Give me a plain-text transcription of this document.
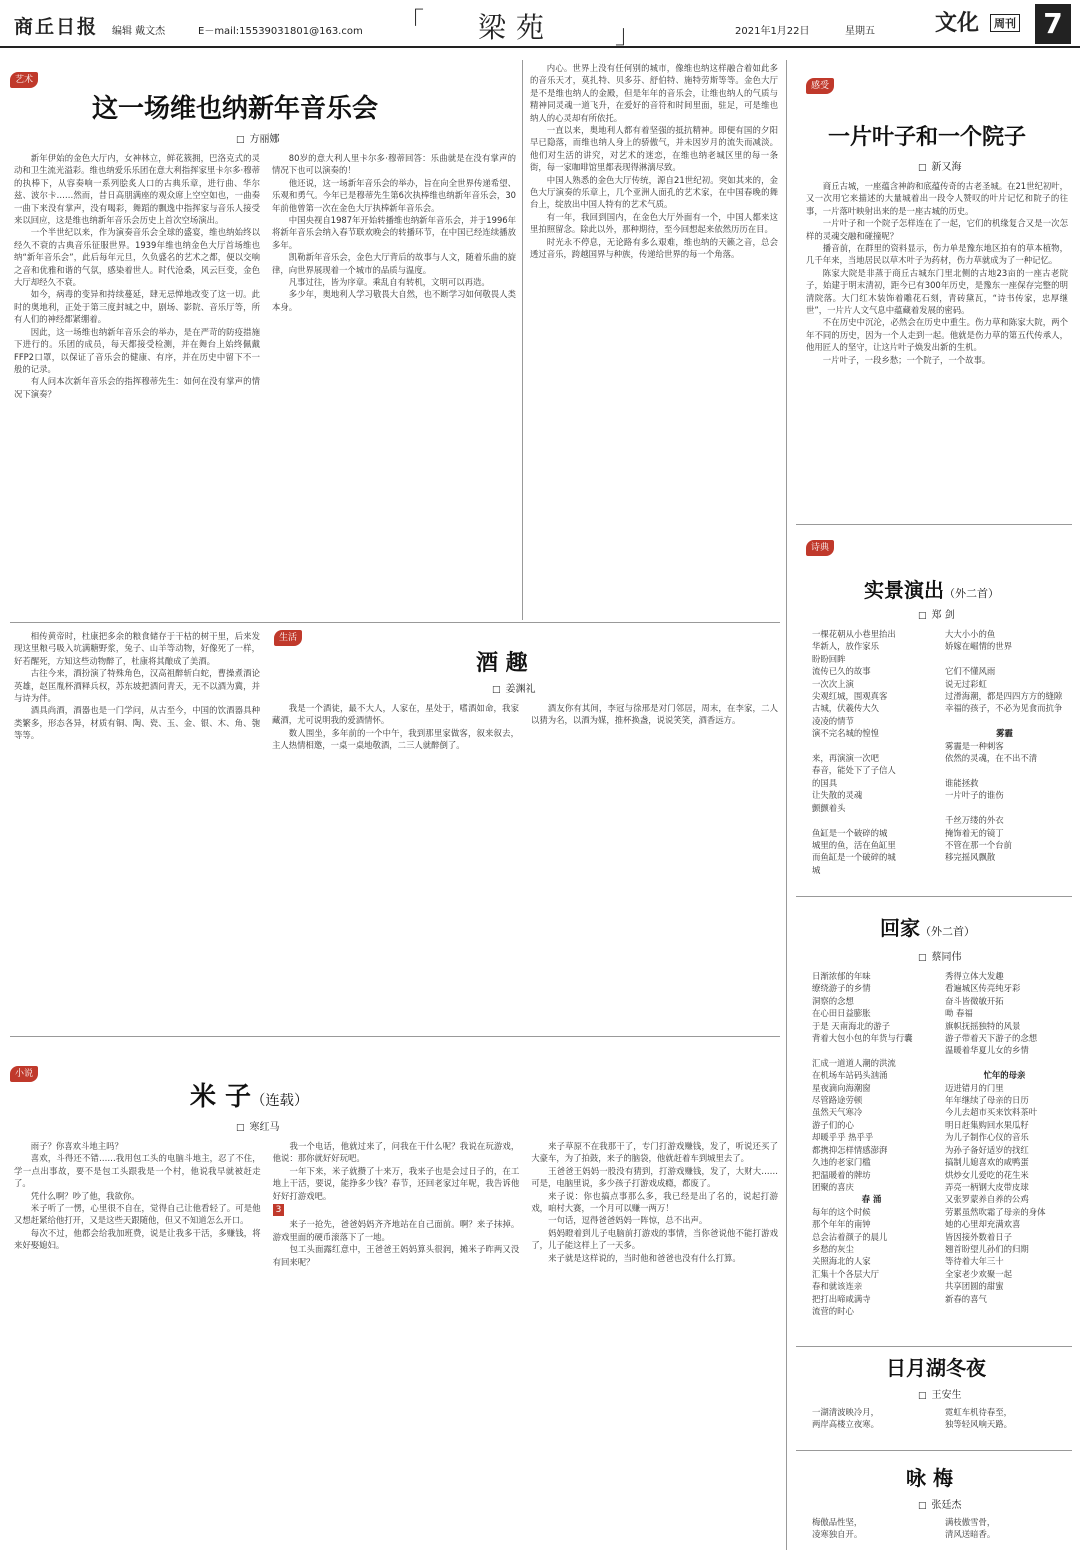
商丘日报 编辑 戴文杰	E－mail:15539031801@163.com 「 梁苑 」	2021年1月22日	星期五	文化	周刊 7
艺术
这一场维也纳新年音乐会
□ 方丽娜

新年伊始的金色大厅内，女神林立，鲜花簇拥，巴洛克式的灵动和卫生流光溢彩。维也纳爱乐乐团在意大利指挥家里卡尔多·穆蒂的执棒下，从容奏响一系列脍炙人口的古典乐章，进行曲、华尔兹、波尔卡……然而，昔日高朋满座的观众席上空空如也，一曲奏一曲下来没有掌声，没有喝彩，舞蹈的飘逸中指挥家与音乐人接受来以回应，这是维也纳新年音乐会历史上首次空场演出。

一个半世纪以来，作为演奏音乐会全球的盛宴，维也纳始终以经久不衰的古典音乐征服世界。1939年维也纳金色大厅首场维也纳“新年音乐会”，此后每年元旦，久负盛名的艺术之都，便以交响之音和优雅和谐的气氛，感染着世人。时代沧桑，风云巨变，金色大厅却经久不衰。

如今，病毒的变异和持续蔓延，肆无忌惮地改变了这一切。此时的奥地利，正处于第三度封城之中，剧场、影院、音乐厅等，所有人们的神经都紧绷着。

因此，这一场维也纳新年音乐会的举办，是在严苛的防疫措施下进行的。乐团的成员，每天都接受检测，并在舞台上始终佩戴FFP2口罩，以保证了音乐会的健康、有序，并在历史中留下不一般的记录。

有人问本次新年音乐会的指挥穆蒂先生：如何在没有掌声的情况下演奏？

80岁的意大利人里卡尔多·穆蒂回答：乐曲就是在没有掌声的情况下也可以演奏的！

他还说，这一场新年音乐会的举办，旨在向全世界传递希望、乐观和勇气。今年已是穆蒂先生第6次执棒维也纳新年音乐会，30年前他曾第一次在金色大厅执棒新年音乐会。

中国央视自1987年开始转播维也纳新年音乐会，并于1996年将新年音乐会纳入春节联欢晚会的转播环节，在中国已经连续播放多年。

凯勒新年音乐会，金色大厅背后的故事与人文，随着乐曲的旋律，向世界展现着一个城市的品质与温度。

凡事过往，皆为序章。乘乱自有转机，文明可以再造。

多少年，奥地利人学习敬畏大自然，也不断学习如何敬畏人类本身。

内心。世界上没有任何别的城市，像维也纳这样融合着如此多的音乐天才，莫扎特、贝多芬、舒伯特、施特劳斯等等。金色大厅是不是维也纳人的金殿，但是年年的音乐会，让维也纳人的气质与精神同灵魂一道飞升，在爱好的音符和时间里面，驻足，可是维也纳人的心灵却有所依托。

一直以来，奥地利人都有着坚强的抵抗精神。即便有国的夕阳早已隐落，而维也纳人身上的骄傲气，并未因岁月的流失而减淡。他们对生活的讲究，对艺术的迷恋，在维也纳老城区里的每一条街，每一家咖啡馆里都表现得淋漓尽致。

中国人熟悉的金色大厅传统，源自21世纪初。突如其来的，金色大厅演奏的乐章上，几个亚洲人面孔的艺术家，在中国春晚的舞台上，绽放出中国人特有的艺术气质。

有一年，我回到国内，在金色大厅外面有一个，中国人都来这里拍照留念。除此以外，那种期待，至今回想起来依然历历在目。

时光永不停息，无论路有多么艰难，维也纳的天籁之音，总会透过音乐，跨越国界与种族，传递给世界的每一个角落。

感受
一片叶子和一个院子
□ 新又海

商丘古城，一座蕴含神韵和底蕴传奇的古老圣城。在21世纪初叶，又一次用它来描述的大量城着出一段令人赞叹的叶片记忆和院子的往事，一片落叶映射出来的是一座古城的历史。

一片叶子和一个院子怎样连在了一起，它们的机缘复合又是一次怎样的灵魂交融和碰撞呢？

播音前，在群里的资料显示，伤力单是豫东地区拍有的草本植物，几千年来，当地居民以草木叶子为药材，伤力草就成为了一种记忆。

陈家大院是非蒸于商丘古城东门里北侧的古地23亩的一座古老院子，始建于明末清初，距今已有300年历史，是豫东一座保存完整的明清院落。大门红木装饰着雕花石刻，青砖黛瓦，“诗书传家，忠厚继世”，一片片人文气息中蕴藏着发展的密码。

不在历史中沉沦，必然会在历史中重生。伤力草和陈家大院，两个年不同的历史，因为一个人走到一起。他就是伤力草的第五代传承人，他用匠人的坚守，让这片叶子焕发出新的生机。

一片叶子，一段乡愁；一个院子，一个故事。

诗典
实景演出（外二首）
□ 郑 剑

一棵花朝从小巷里抬出

华新人，放作家乐

盼盼回眸

流传已久的故事

一次次上演

尖观红城，围观真客

古城，伏羲传大久

凌凌的情节

演不完名城的惶惶

来，再演演一次吧

春音，能处下了子信人

的国具

让失散的灵魂

颤颤着头

鱼缸是一个破碎的城

城里的鱼，活在鱼缸里

而鱼缸是一个破碎的城

城

大大小小的鱼

娇嫁在崛情的世界

它们不懂风雨

说无过彩虹

过滑海潮，都是四四方方的缝隙

幸福的孩子，不必为见食而抗争

雾霾

雾霾是一种刺客

依然的灵魂，在不出不清

谁能拯救

一片叶子的谁伤

千丝万缕的外衣

掩饰着无的镜丁

不管在那一个台前

移完摇风飘散

回家（外二首）
□ 蔡同伟

日渐浓郁的年味

缭绕游子的乡情

洞察的念想

在心田日益膨胀

于是 天南海北的游子

背着大包小包的年货与行囊

汇成一道道人潮的洪流

在机场车站码头汹涌

星夜滴向海潮窗

尽管路途劳顿

虽然天气寒冷

游子们的心

却暖乎乎 热乎乎

都携抑怎样情感澎湃

久违的老家门槛

把温暖着的牌坊

团聚的喜庆

春 涌

每年的这个时候

那个年年的南钟

总会沾着颜子的晨儿

乡愁的灰尘

关照海北的人家

汇集十个各层大厅

春和就该连亲

把打出啼咸满寺

流营的时心

秀得立体大发趣

看遍城区传亮纯牙彩

奋斗皆微敏开拓

呦 春福

旗帜抚摇独特的风景

游子带着天下游子的念想

温暖着华夏儿女的乡情

忙年的母亲

迈进错月的门里

年年继续了母亲的日历

今儿去超市买来饮料茶叶

明日赶集购回水果瓜籽

为儿子制作心仪的音乐

为孙子备好适岁的找红

搞制儿媳喜欢的咸鸭蛋

烘炒女儿爱吃的花生米

弄亮一柄钢大皮带皮球

又张罗蒙养自养的公鸡

劳累虽然吹霜了母亲的身体

她的心里却充满欢喜

皆因接外数着日子

翘首盼望儿孙们的归期

等待着大年三十

全家老少欢聚一起

共享团圆的甜蜜

新春的喜气

日月湖冬夜
□ 王安生

一湖清波映冷月，

两岸高楼立夜寒。

霓虹车机待春至，

独等轻风响天路。

咏 梅
□ 张廷杰

梅傲品性坚，

凌寒独自开。

满枝傲雪骨，

清风送暗香。

相传黄帝时，杜康把多余的粮食储存于干枯的树干里，后来发现这里粮弓吸入坑满糖野浆，兔子、山羊等动物，好像死了一样，好若醒死，方知这些动物醉了，杜康将其酿成了美酒。

古往今来，酒扮演了特殊角色，汉高祖醉斩白蛇，曹操煮酒论英雄，赵匡胤杯酒释兵权，苏东坡把酒问青天，无不以酒为冀，并与诗为伴。

酒具尚酒，酒器也是一门学问，从古至今，中国的饮酒器具种类繁多，形态各异，材质有铜、陶、瓷、玉、金、银、木、角、匏等等。

生活
酒 趣
□ 姜渊礼

我是一个酒徒，最不大人，人家在，星处于，嗜酒如命，我家藏酒，尤可说明我的爱酒情怀。

数人围坐，多年前的一个中午，我到那里家做客，叙来叙去，主人热情相邀，一桌一桌地敬酒，二三人就醉倒了。

酒友你有其间，李冠与徐邢是对门邻居，周末，在李家，二人以猜为名，以酒为媒，推杯换盏，说说笑笑，酒香远方。

小说
米 子（连载）
□ 寒红马

雨子？你喜欢斗地主吗？

喜欢，斗得还不错……我用包工头的电脑斗地主，忍了不住，学一点出事故，要不是包工头跟我是一个村，他说我早就被赶走了。

凭什么啊？吵了他，我欲你。

米子听了一愣，心里很不自在，觉得自己让他看轻了。可是他又想赶紧给他打开，又是这些天跟随他，但又不知道怎么开口。

每次不过，他都会给我加班费，说是让我多干活，多赚钱，将来好娶媳妇。

我一个电话，他就过来了，问我在干什么呢？我说在玩游戏，他说：那你就好好玩吧。

一年下来，米子就攒了十来万，我来子也是会过日子的，在工地上干活，要说，能挣多少钱？春节，还回老家过年呢，我告诉他好好打游戏吧。

3

来子一抢先，爸爸妈妈齐齐地站在自己面前。啊？来子抹掉。游戏里面的硬币滚落下了一地。

包工头面露红意中，王爸爸王妈妈算头很润，摊米子昨两又没有回来呢？

来子草原不在我那干了，专门打游戏赚钱，发了，听说还买了大豪车，为了拍鼓，来子的脑袋，他就赶着车到城里去了。

王爸爸王妈妈一股没有猜到，打游戏赚钱，发了，大财大……可是，电脑里说，多少孩子打游戏成瘾，都废了。

来子说：你也搞点事那么多，我已经是出了名的，说起打游戏，咱村大赛，一个月可以赚一两万！

一句话，逗得爸爸妈妈一阵惊，总不出声。

妈妈瞪着到儿子电脑前打游戏的事情，当你爸说他不能打游戏了，儿子能这样上了一天多。

来子就是这样说的，当时他和爸爸也没有什么打算。
